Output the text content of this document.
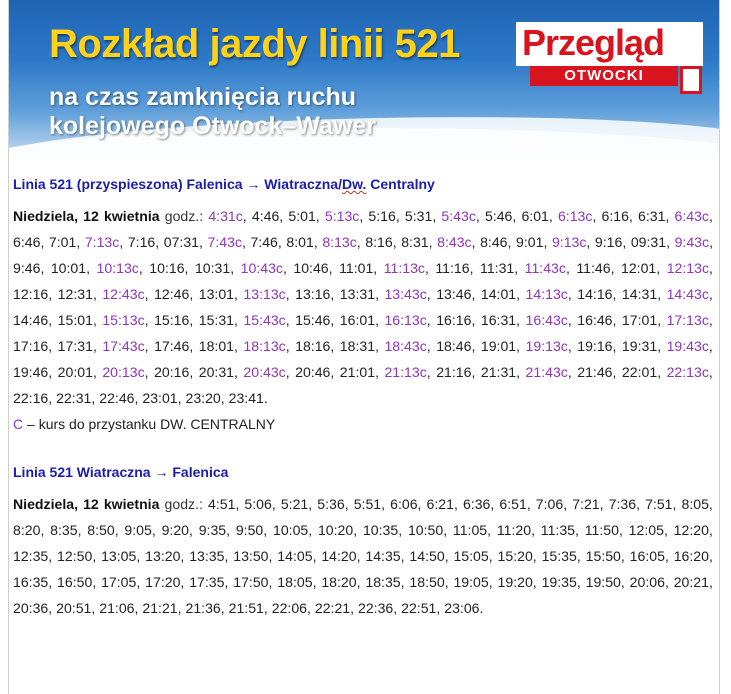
Rozkład jazdy linii 521
na czas zamknięcia ruchu
kolejowego Otwock–Wawer
Przegląd
OTWOCKI
Linia 521 (przyspieszona) Falenica → Wiatraczna/Dw. Centralny
Niedziela, 12 kwietnia godz.: 4:31c, 4:46, 5:01, 5:13c, 5:16, 5:31, 5:43c, 5:46, 6:01, 6:13c, 6:16, 6:31, 6:43c, 6:46, 7:01, 7:13c, 7:16, 07:31, 7:43c, 7:46, 8:01, 8:13c, 8:16, 8:31, 8:43c, 8:46, 9:01, 9:13c, 9:16, 09:31, 9:43c, 9:46, 10:01, 10:13c, 10:16, 10:31, 10:43c, 10:46, 11:01, 11:13c, 11:16, 11:31, 11:43c, 11:46, 12:01, 12:13c, 12:16, 12:31, 12:43c, 12:46, 13:01, 13:13c, 13:16, 13:31, 13:43c, 13:46, 14:01, 14:13c, 14:16, 14:31, 14:43c, 14:46, 15:01, 15:13c, 15:16, 15:31, 15:43c, 15:46, 16:01, 16:13c, 16:16, 16:31, 16:43c, 16:46, 17:01, 17:13c, 17:16, 17:31, 17:43c, 17:46, 18:01, 18:13c, 18:16, 18:31, 18:43c, 18:46, 19:01, 19:13c, 19:16, 19:31, 19:43c, 19:46, 20:01, 20:13c, 20:16, 20:31, 20:43c, 20:46, 21:01, 21:13c, 21:16, 21:31, 21:43c, 21:46, 22:01, 22:13c, 22:16, 22:31, 22:46, 23:01, 23:20, 23:41.
C – kurs do przystanku DW. CENTRALNY
Linia 521 Wiatraczna → Falenica
Niedziela, 12 kwietnia godz.: 4:51, 5:06, 5:21, 5:36, 5:51, 6:06, 6:21, 6:36, 6:51, 7:06, 7:21, 7:36, 7:51, 8:05, 8:20, 8:35, 8:50, 9:05, 9:20, 9:35, 9:50, 10:05, 10:20, 10:35, 10:50, 11:05, 11:20, 11:35, 11:50, 12:05, 12:20, 12:35, 12:50, 13:05, 13:20, 13:35, 13:50, 14:05, 14:20, 14:35, 14:50, 15:05, 15:20, 15:35, 15:50, 16:05, 16:20, 16:35, 16:50, 17:05, 17:20, 17:35, 17:50, 18:05, 18:20, 18:35, 18:50, 19:05, 19:20, 19:35, 19:50, 20:06, 20:21, 20:36, 20:51, 21:06, 21:21, 21:36, 21:51, 22:06, 22:21, 22:36, 22:51, 23:06.
